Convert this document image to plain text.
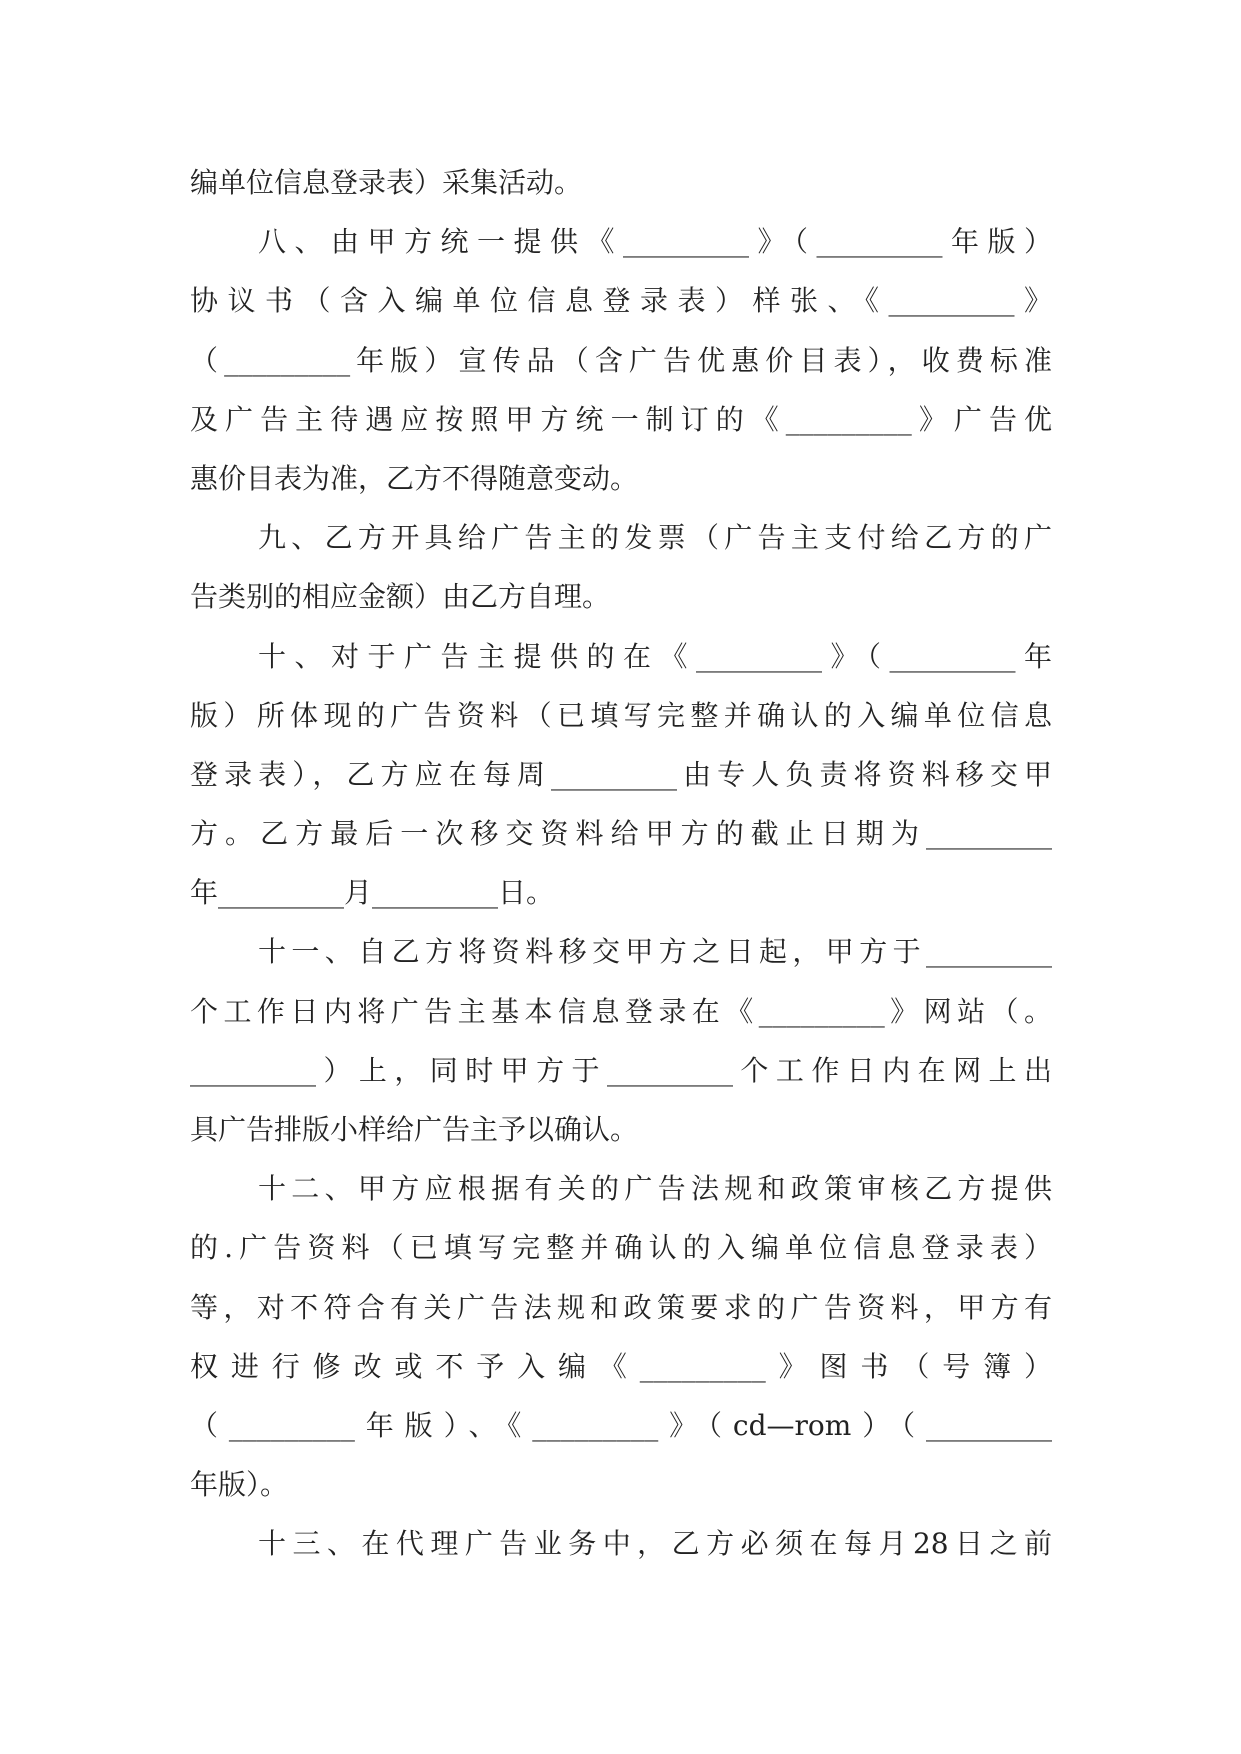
编单位信息登录表）采集活动。
八、由甲方统一提供《_________》（_________年版）
协议书（含入编单位信息登录表）样张、《_________》
（_________年版）宣传品（含广告优惠价目表），收费标准
及广告主待遇应按照甲方统一制订的《_________》广告优
惠价目表为准，乙方不得随意变动。
九、乙方开具给广告主的发票（广告主支付给乙方的广
告类别的相应金额）由乙方自理。
十、对于广告主提供的在《_________》（_________年
版）所体现的广告资料（已填写完整并确认的入编单位信息
登录表），乙方应在每周_________由专人负责将资料移交甲
方。乙方最后一次移交资料给甲方的截止日期为_________
年_________月_________日。
十一、自乙方将资料移交甲方之日起，甲方于_________
个工作日内将广告主基本信息登录在《_________》网站（。
_________）上，同时甲方于_________个工作日内在网上出
具广告排版小样给广告主予以确认。
十二、甲方应根据有关的广告法规和政策审核乙方提供
的.广告资料（已填写完整并确认的入编单位信息登录表）
等，对不符合有关广告法规和政策要求的广告资料，甲方有
权进行修改或不予入编《_________》图书（号簿）
（_________年版）、《_________》（cd—rom）（_________
年版）。
十三、在代理广告业务中，乙方必须在每月28日之前
